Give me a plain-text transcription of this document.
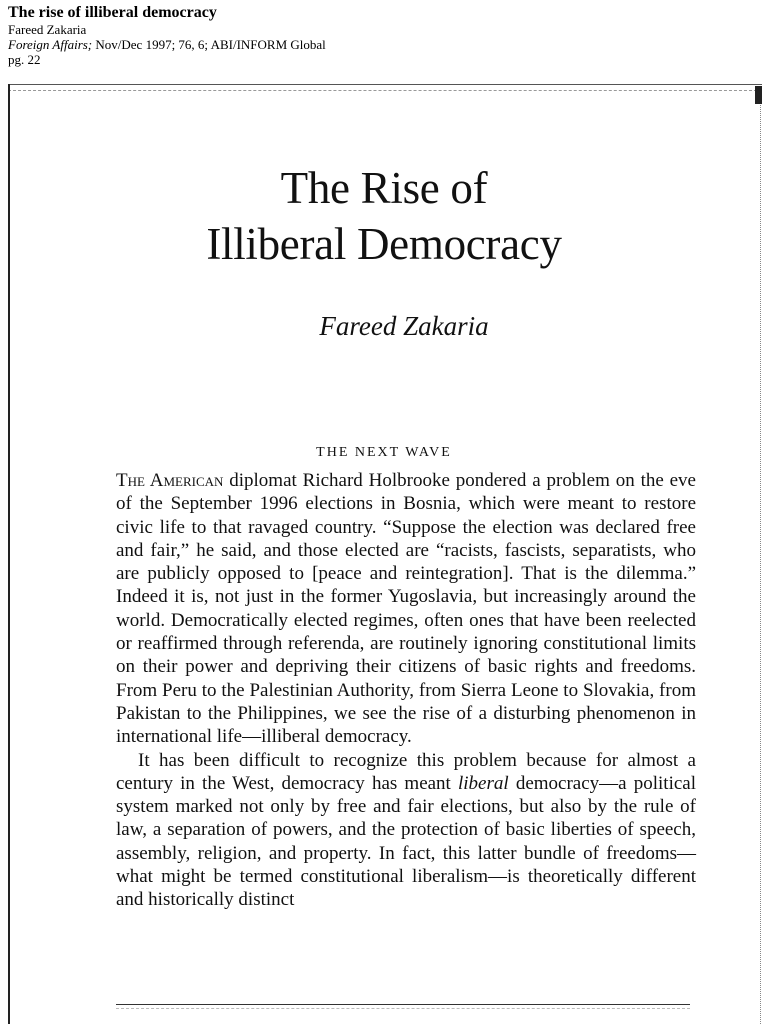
The rise of illiberal democracy
Fareed Zakaria
Foreign Affairs; Nov/Dec 1997; 76, 6; ABI/INFORM Global
pg. 22
The Rise of
Illiberal Democracy
Fareed Zakaria
THE NEXT WAVE

The American diplomat Richard Holbrooke pondered a problem on the eve of the September 1996 elections in Bosnia, which were meant to restore civic life to that ravaged country. “Suppose the election was declared free and fair,” he said, and those elected are “racists, fascists, separatists, who are publicly opposed to [peace and reintegration]. That is the dilemma.” Indeed it is, not just in the former Yugoslavia, but increasingly around the world. Democratically elected regimes, often ones that have been reelected or reaffirmed through referenda, are routinely ignoring constitutional limits on their power and depriving their citizens of basic rights and freedoms. From Peru to the Palestinian Authority, from Sierra Leone to Slovakia, from Pakistan to the Philippines, we see the rise of a disturbing phenomenon in international life—illiberal democracy.

It has been difficult to recognize this problem because for almost a century in the West, democracy has meant liberal democracy—a political system marked not only by free and fair elections, but also by the rule of law, a separation of powers, and the protection of basic liberties of speech, assembly, religion, and property. In fact, this latter bundle of freedoms—what might be termed constitutional liberalism—is theoretically different and historically distinct
